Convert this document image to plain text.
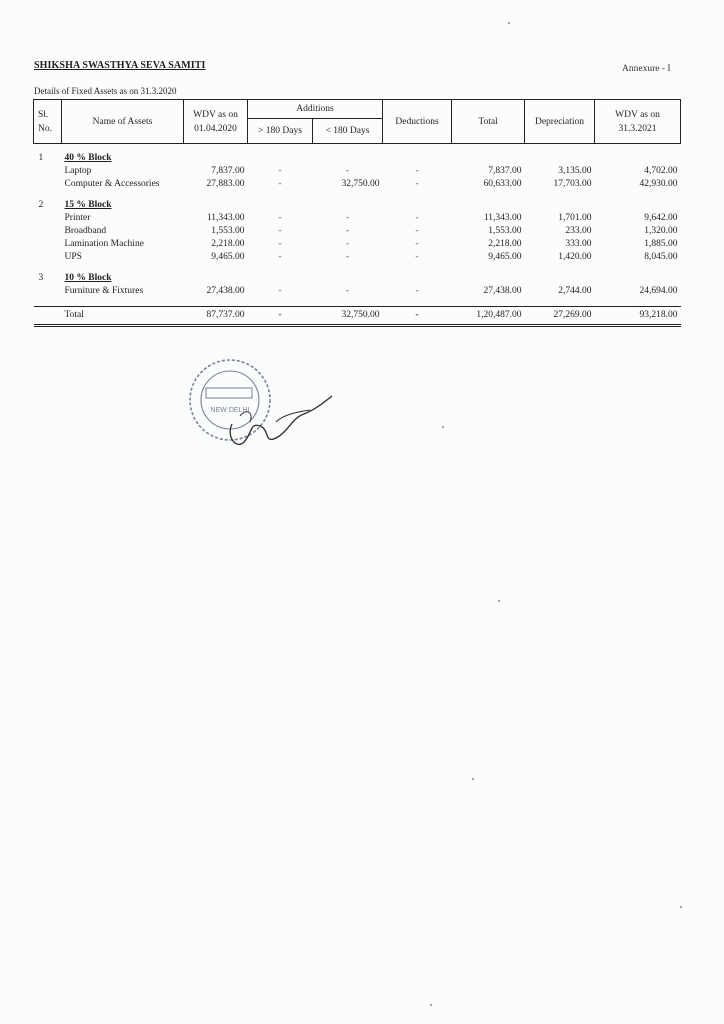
SHIKSHA SWASTHYA SEVA SAMITI	Annexure - I
Details of Fixed Assets as on 31.3.2020
Sl. No.	Name of Assets	WDV as on 01.04.2020	Additions		Deductions	Total	Depreciation	WDV as on 31.3.2021
			> 180 Days	< 180 Days				

1	40 % Block							
	Laptop	7,837.00	-	-	-	7,837.00	3,135.00	4,702.00
	Computer & Accessories	27,883.00	-	32,750.00	-	60,633.00	17,703.00	42,930.00

2	15 % Block							
	Printer	11,343.00	-	-	-	11,343.00	1,701.00	9,642.00
	Broadband	1,553.00	-	-	-	1,553.00	233.00	1,320.00
	Lamination Machine	2,218.00	-	-	-	2,218.00	333.00	1,885.00
	UPS	9,465.00	-	-	-	9,465.00	1,420.00	8,045.00

3	10 % Block							
	Furniture & Fixtures	27,438.00	-	-	-	27,438.00	2,744.00	24,694.00

	Total	87,737.00	-	32,750.00	-	1,20,487.00	27,269.00	93,218.00
NEW DELHI
